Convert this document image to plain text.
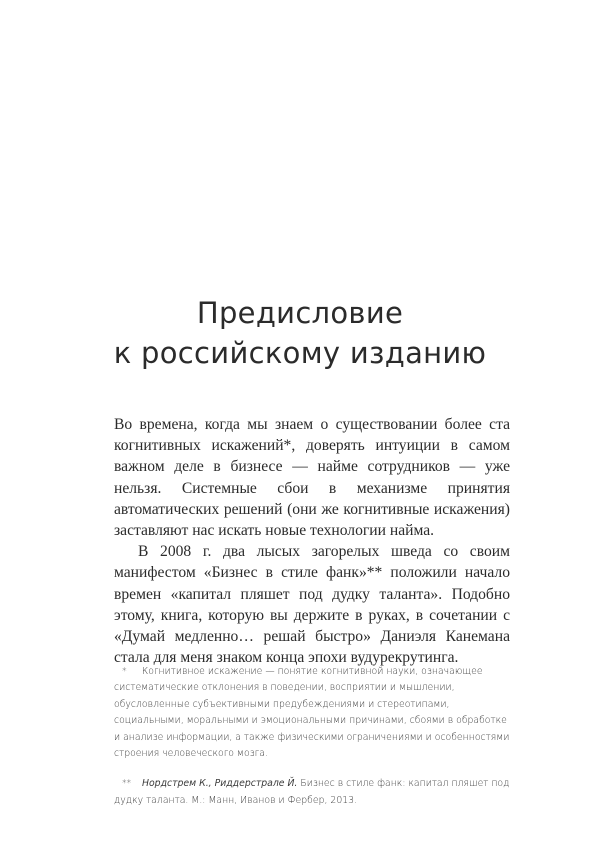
Предисловие
к российскому изданию

Во времена, когда мы знаем о существовании более ста когнитивных искажений*, доверять интуиции в самом важном деле в бизнесе — найме сотрудников — уже нельзя. Системные сбои в механизме принятия автоматических решений (они же когнитивные искажения) заставляют нас искать новые технологии найма.

В 2008 г. два лысых загорелых шведа со своим манифестом «Бизнес в стиле фанк»** положили начало времен «капитал пляшет под дудку таланта». Подобно этому, книга, которую вы держите в руках, в сочетании с «Думай медленно… решай быстро» Даниэля Канемана стала для меня знаком конца эпохи вудурекрутинга.

* Когнитивное искажение — понятие когнитивной науки, означающее систематические отклонения в поведении, восприятии и мышлении, обусловленные субъективными предубеждениями и стереотипами, социальными, моральными и эмоциональными причинами, сбоями в обработке и анализе информации, а также физическими ограничениями и особенностями строения человеческого мозга.

** Нордстрем К., Риддерстрале Й. Бизнес в стиле фанк: капитал пляшет под дудку таланта. М.: Манн, Иванов и Фербер, 2013.
